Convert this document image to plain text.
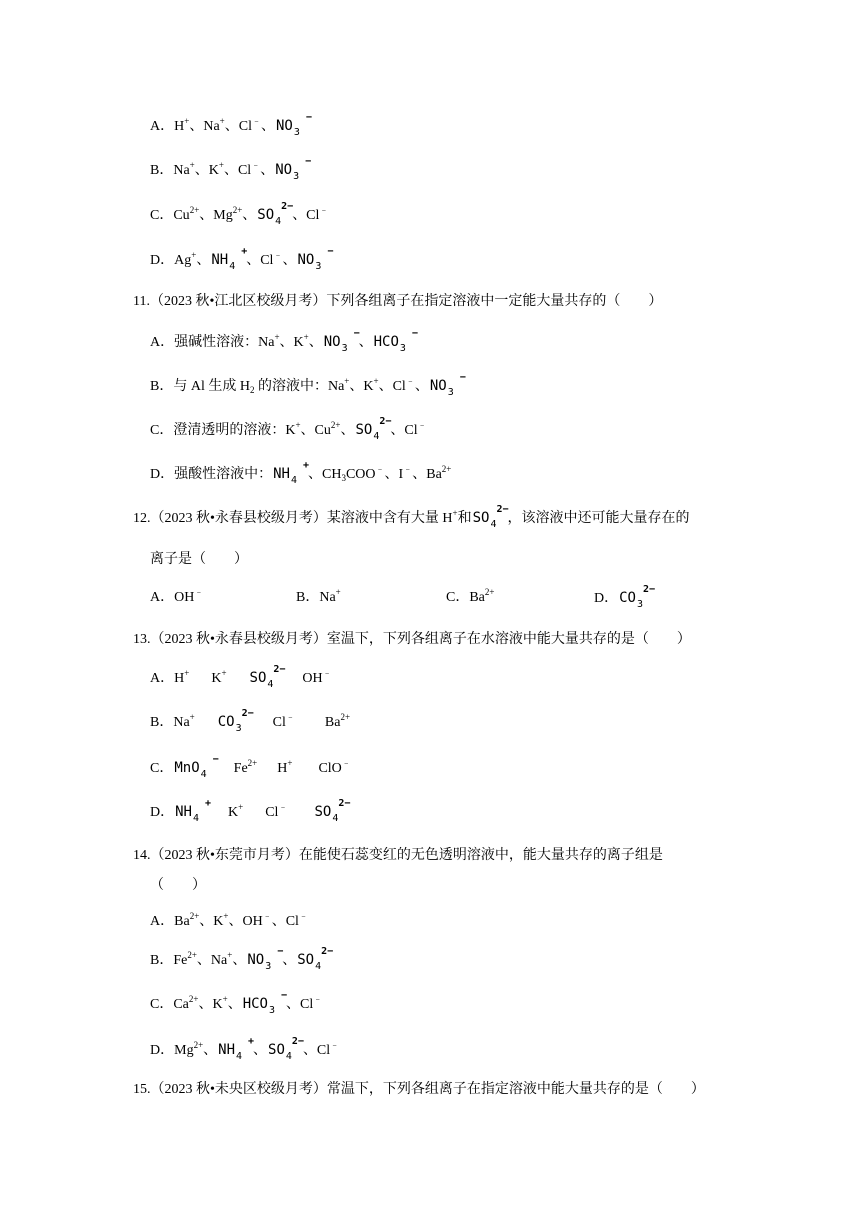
A．H+、Na+、Cl﹣、$NO_3$
−
B．Na+、K+、Cl﹣、$NO_3$
−
C．$Cu^{2+}$、$Mg^{2+}$、$SO_4$
2−
、Cl﹣
D．Ag+、$NH_4$
+
、Cl﹣、$NO_3$
−
11.（2023 秋•江北区校级月考）下列各组离子在指定溶液中一定能大量共存的（　　）
A．强碱性溶液：Na+、K+、$NO_3$
−
、$HCO_3$
−
B．与 Al 生成 $H_2$ 的溶液中：Na+、K+、Cl﹣、$NO_3$
−
C．澄清透明的溶液：K+、$Cu^{2+}$、$SO_4$
2−
、Cl﹣
D．强酸性溶液中：$NH_4$
+
、$CH_3COO^﹣$、I﹣、$Ba^{2+}$
12.（2023 秋•永春县校级月考）某溶液中含有大量 H+和$SO_4$
2−
，该溶液中还可能大量存在的
离子是（　　）
A．OH﹣	B．Na+	C．$Ba^{2+}$	D．$CO_3$
2−
13.（2023 秋•永春县校级月考）室温下，下列各组离子在水溶液中能大量共存的是（　　）
A．H+ K+ $SO_4$
2−
OH﹣
B．Na+ $CO_3$
2−
Cl﹣ $Ba^{2+}$
C．MnO$_4$
−
$Fe^{2+}$ H+ ClO﹣
D．$NH_4$
+
K+ Cl﹣ $SO_4$
2−
14.（2023 秋•东莞市月考）在能使石蕊变红的无色透明溶液中，能大量共存的离子组是
（　　）
A．$Ba^{2+}$、K+、OH﹣、Cl﹣
B．$Fe^{2+}$、Na+、$NO_3$
−
、$SO_4$
2−
C．$Ca^{2+}$、K+、$HCO_3$
−
、Cl﹣
D．$Mg^{2+}$、$NH_4$
+
、$SO_4$
2−
、Cl﹣
15.（2023 秋•未央区校级月考）常温下，下列各组离子在指定溶液中能大量共存的是（　　）
